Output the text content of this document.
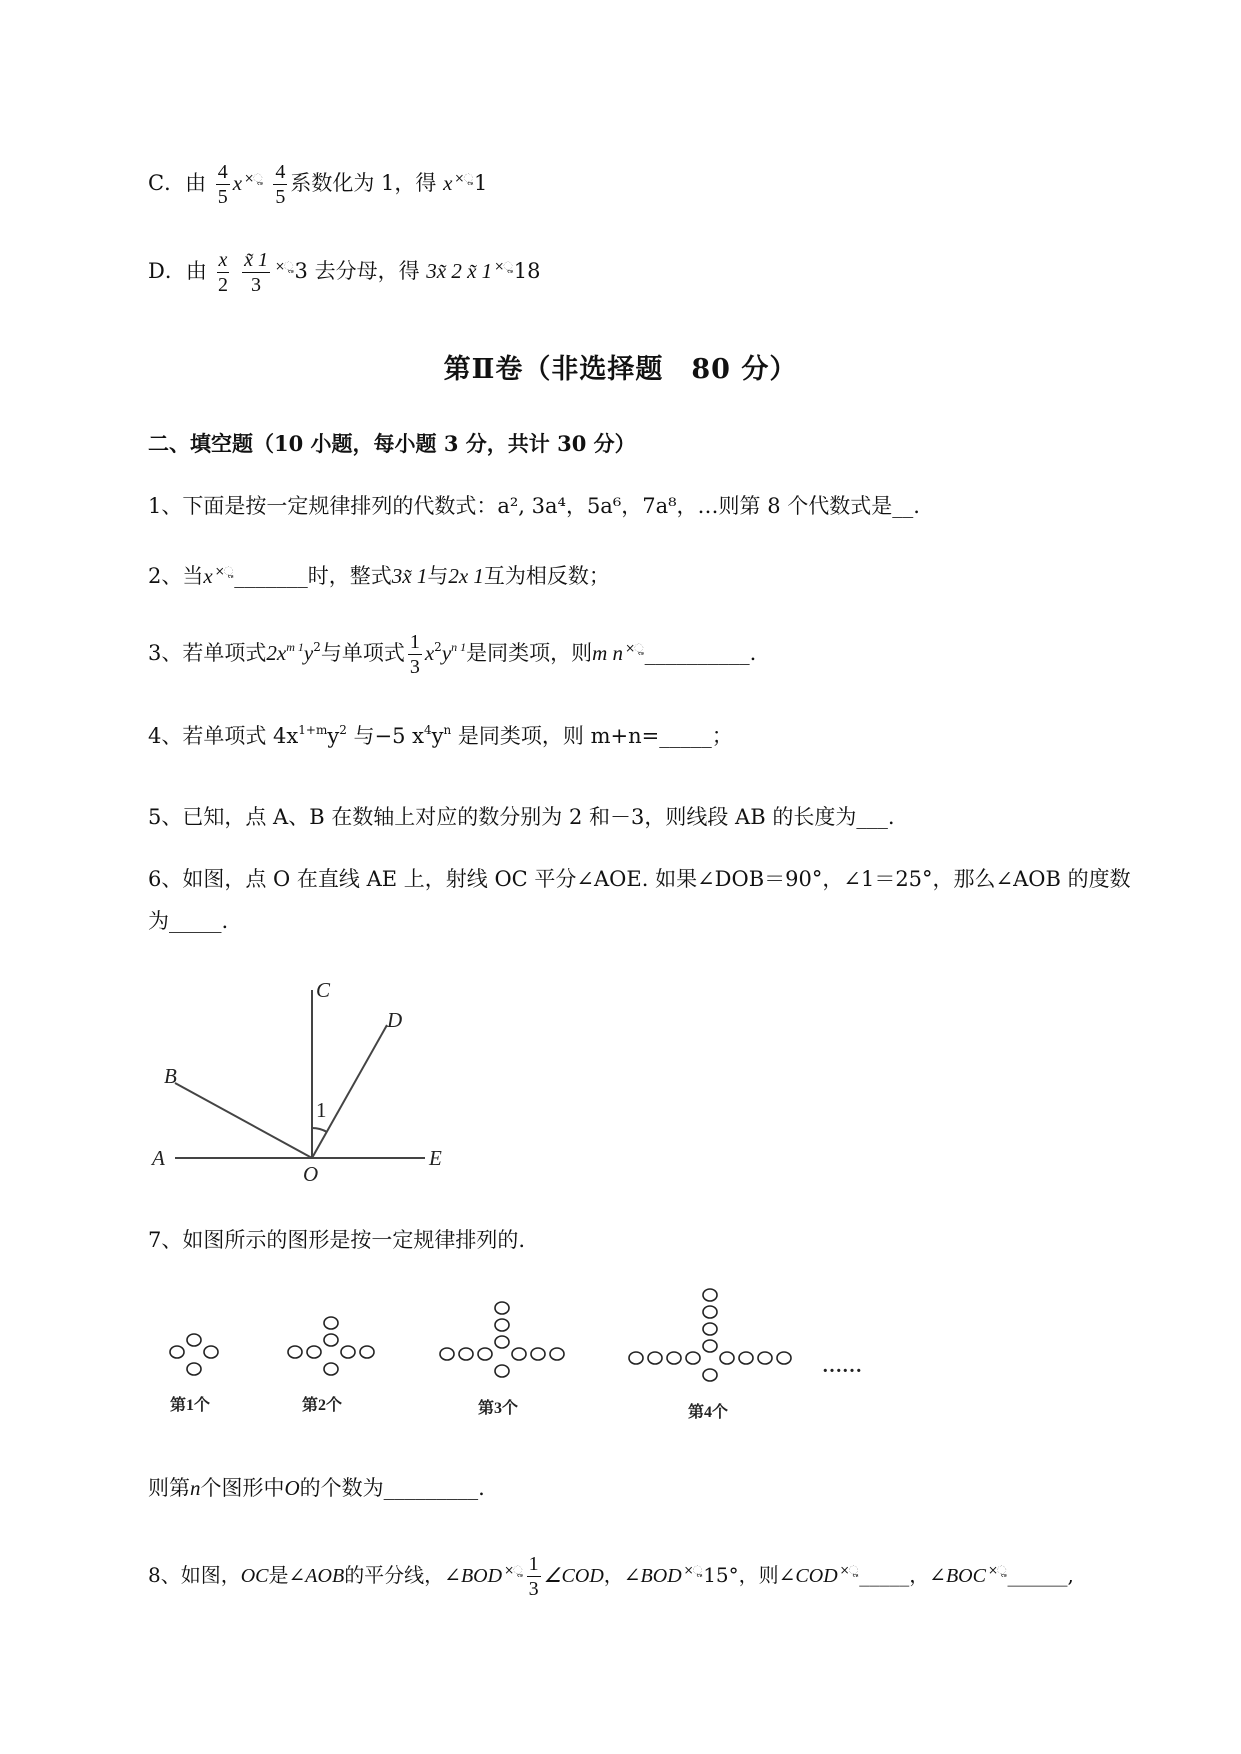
C．由 $\frac{4}{5}$ x $^{\timesૢ} \frac{4}{5}$ 系数化为 1，得 x ×ૢ1
D．由 $\frac{x}{2}$
$\frac{x̃ 1}{3} ^{\timesૢ}3$ 去分母，得 3x̃ 2 x̃ 1 ×ૢ18
第Ⅱ卷（非选择题　80 分）
二、填空题（10 小题，每小题 3 分，共计 30 分）
1、下面是按一定规律排列的代数式：a², 3a⁴，5a⁶，7a⁸，…则第 8 个代数式是__.
2、当x ×ૢ_______时，整式3x̃ 1与2x 1互为相反数；
3、若单项式$2x^{m 1}y^2$与单项式 $\frac{1}{3} x^2y^{n 1}$是同类项，则m n ×ૢ__________.
4、若单项式 $4x^{1+m}y^2$ 与−5 $x^4y^n$ 是同类项，则 m+n=_____；
5、已知，点 A、B 在数轴上对应的数分别为 2 和－3，则线段 AB 的长度为___.
6、如图，点 O 在直线 AE 上，射线 OC 平分∠AOE. 如果∠DOB＝90°，∠1＝25°，那么∠AOB 的度数
为_____.
A
B
C
D
E
O
1
7、如图所示的图形是按一定规律排列的.
第1个	第2个	第3个	第4个
……
则第n个图形中O的个数为_________.
8、如图，OC是∠AOB的平分线，∠BOD $^{\timesૢ} \frac{1}{3}$ ∠COD，∠BOD ×ૢ 15°，则∠COD ×ૢ _____，∠BOC ×ૢ ______,
